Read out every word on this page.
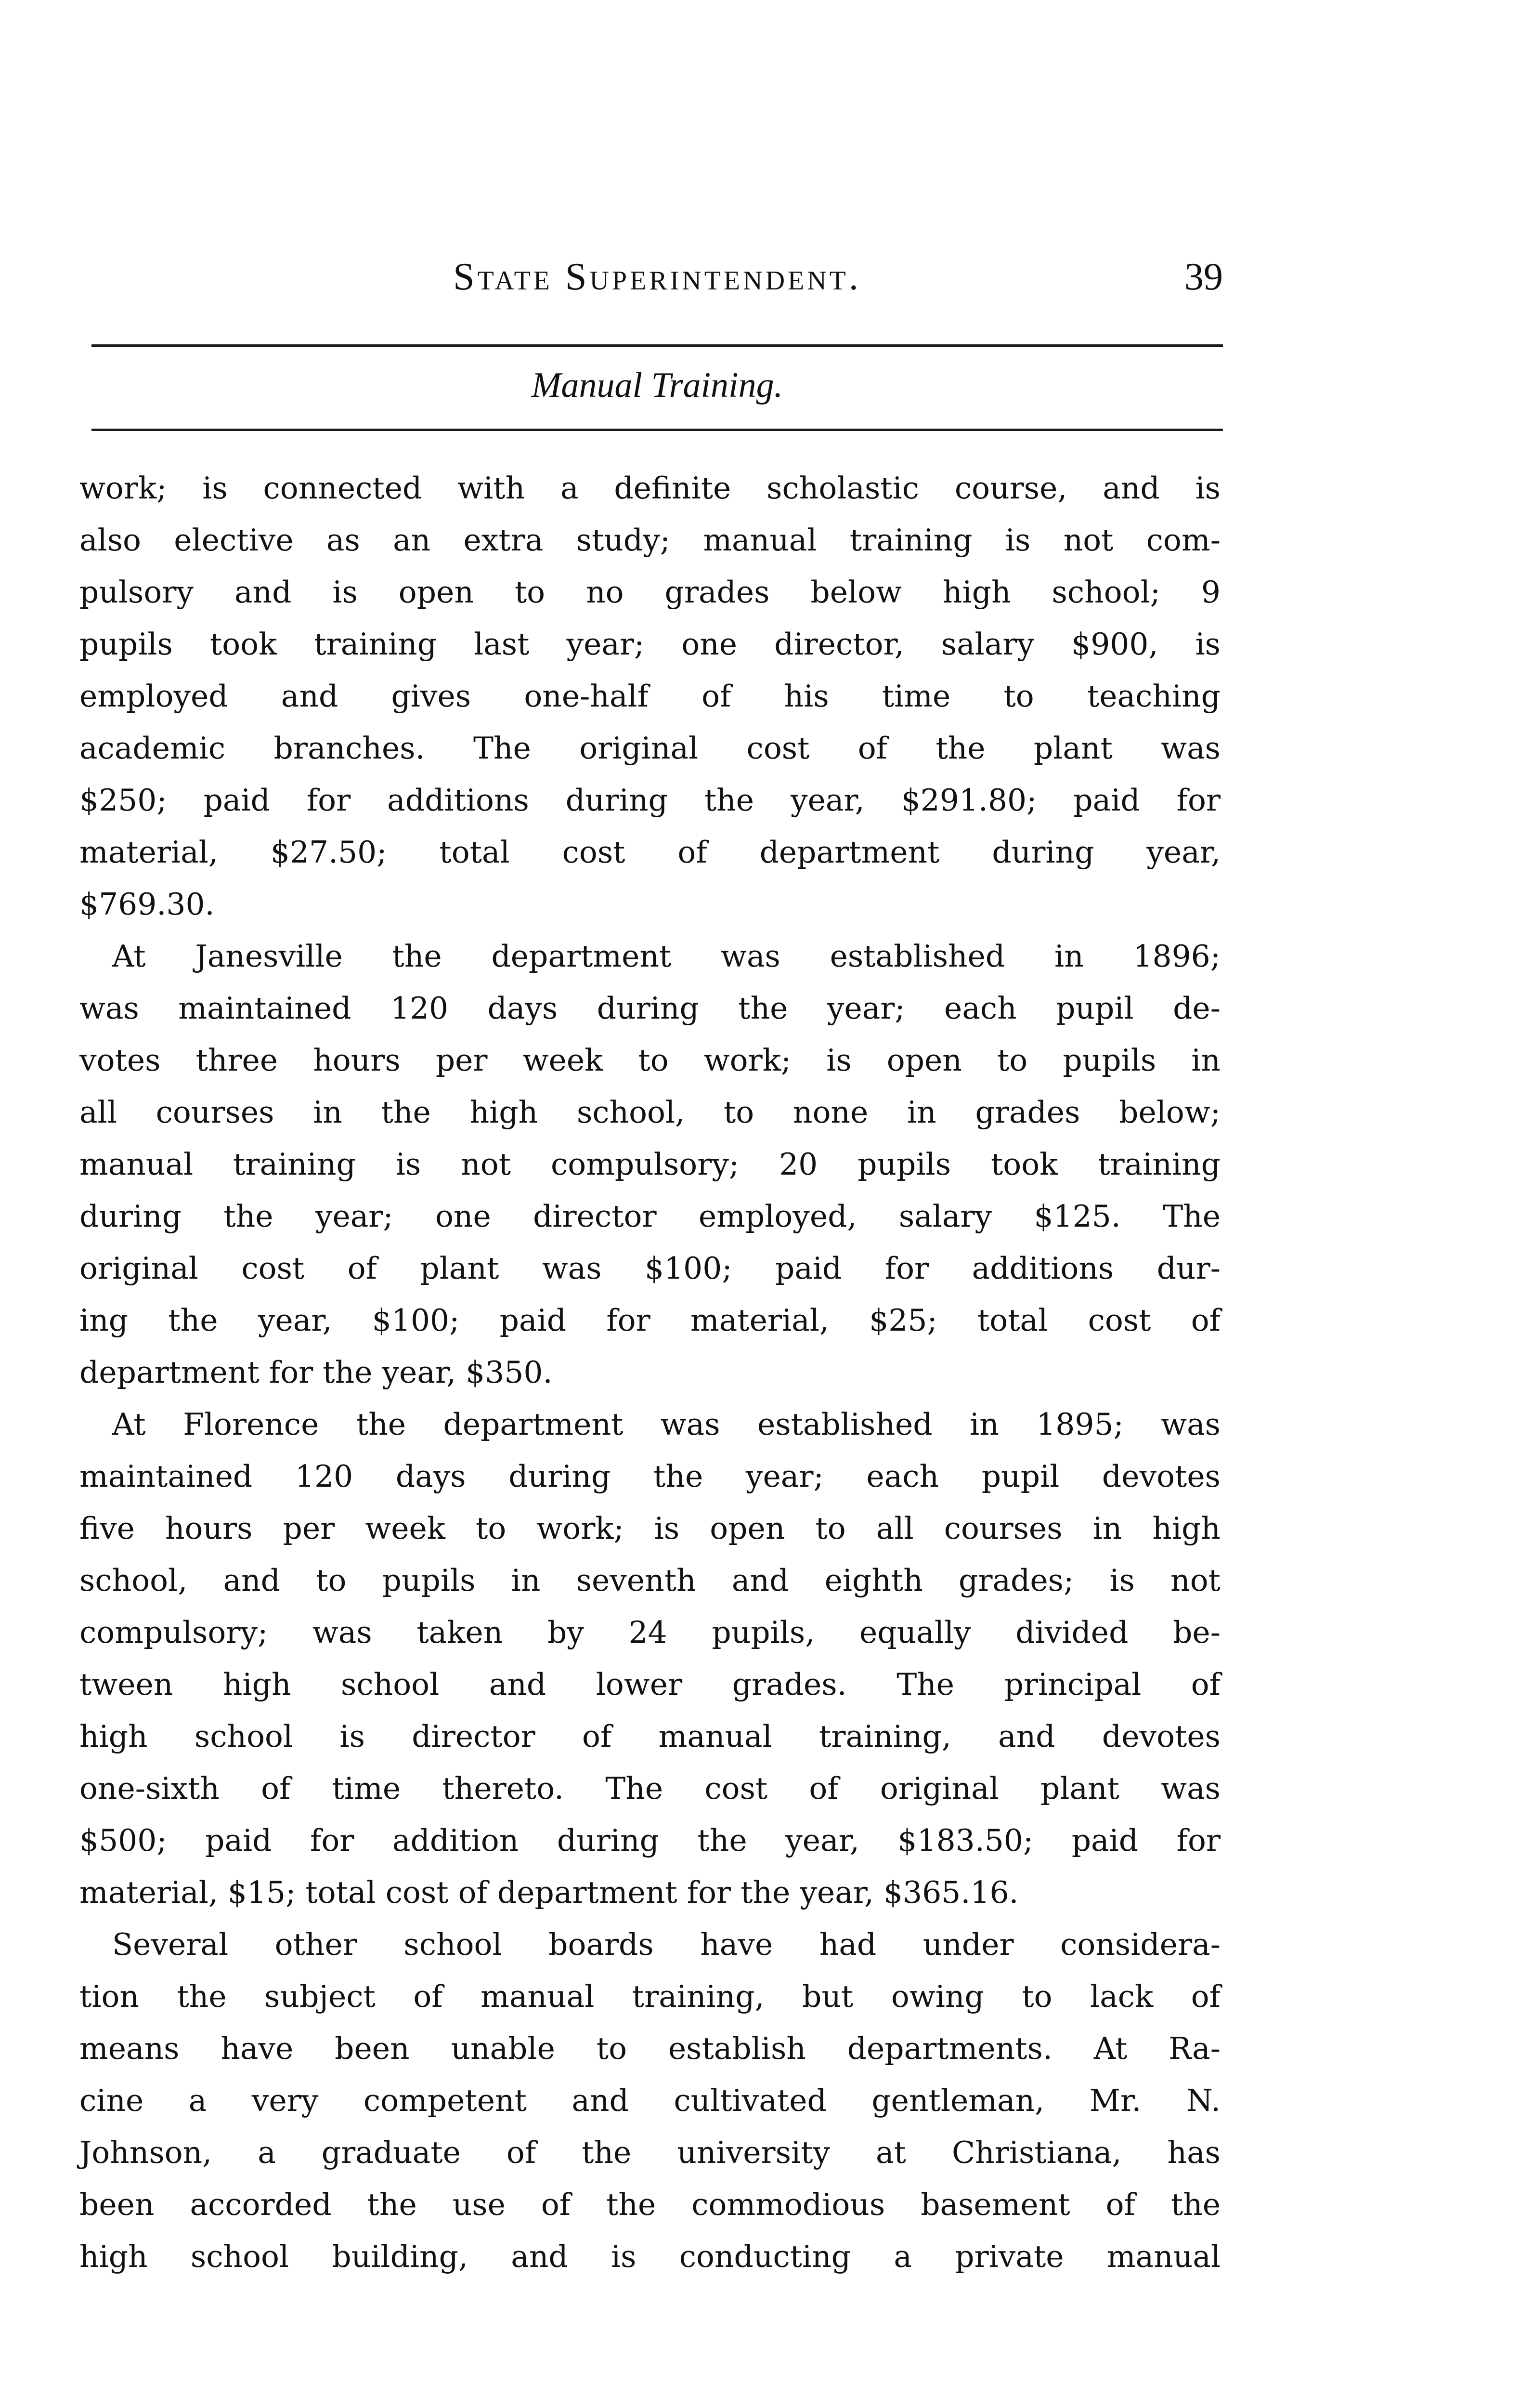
State Superintendent.	39
Manual Training.

work; is connected with a definite scholastic course, and is
also elective as an extra study; manual training is not com-
pulsory and is open to no grades below high school; 9
pupils took training last year; one director, salary $900, is
employed and gives one-half of his time to teaching
academic branches. The original cost of the plant was
$250; paid for additions during the year, $291.80; paid for
material, $27.50; total cost of department during year,
$769.30.

At Janesville the department was established in 1896;
was maintained 120 days during the year; each pupil de-
votes three hours per week to work; is open to pupils in
all courses in the high school, to none in grades below;
manual training is not compulsory; 20 pupils took training
during the year; one director employed, salary $125. The
original cost of plant was $100; paid for additions dur-
ing the year, $100; paid for material, $25; total cost of
department for the year, $350.

At Florence the department was established in 1895; was
maintained 120 days during the year; each pupil devotes
five hours per week to work; is open to all courses in high
school, and to pupils in seventh and eighth grades; is not
compulsory; was taken by 24 pupils, equally divided be-
tween high school and lower grades. The principal of
high school is director of manual training, and devotes
one-sixth of time thereto. The cost of original plant was
$500; paid for addition during the year, $183.50; paid for
material, $15; total cost of department for the year, $365.16.

Several other school boards have had under considera-
tion the subject of manual training, but owing to lack of
means have been unable to establish departments. At Ra-
cine a very competent and cultivated gentleman, Mr. N.
Johnson, a graduate of the university at Christiana, has
been accorded the use of the commodious basement of the
high school building, and is conducting a private manual
